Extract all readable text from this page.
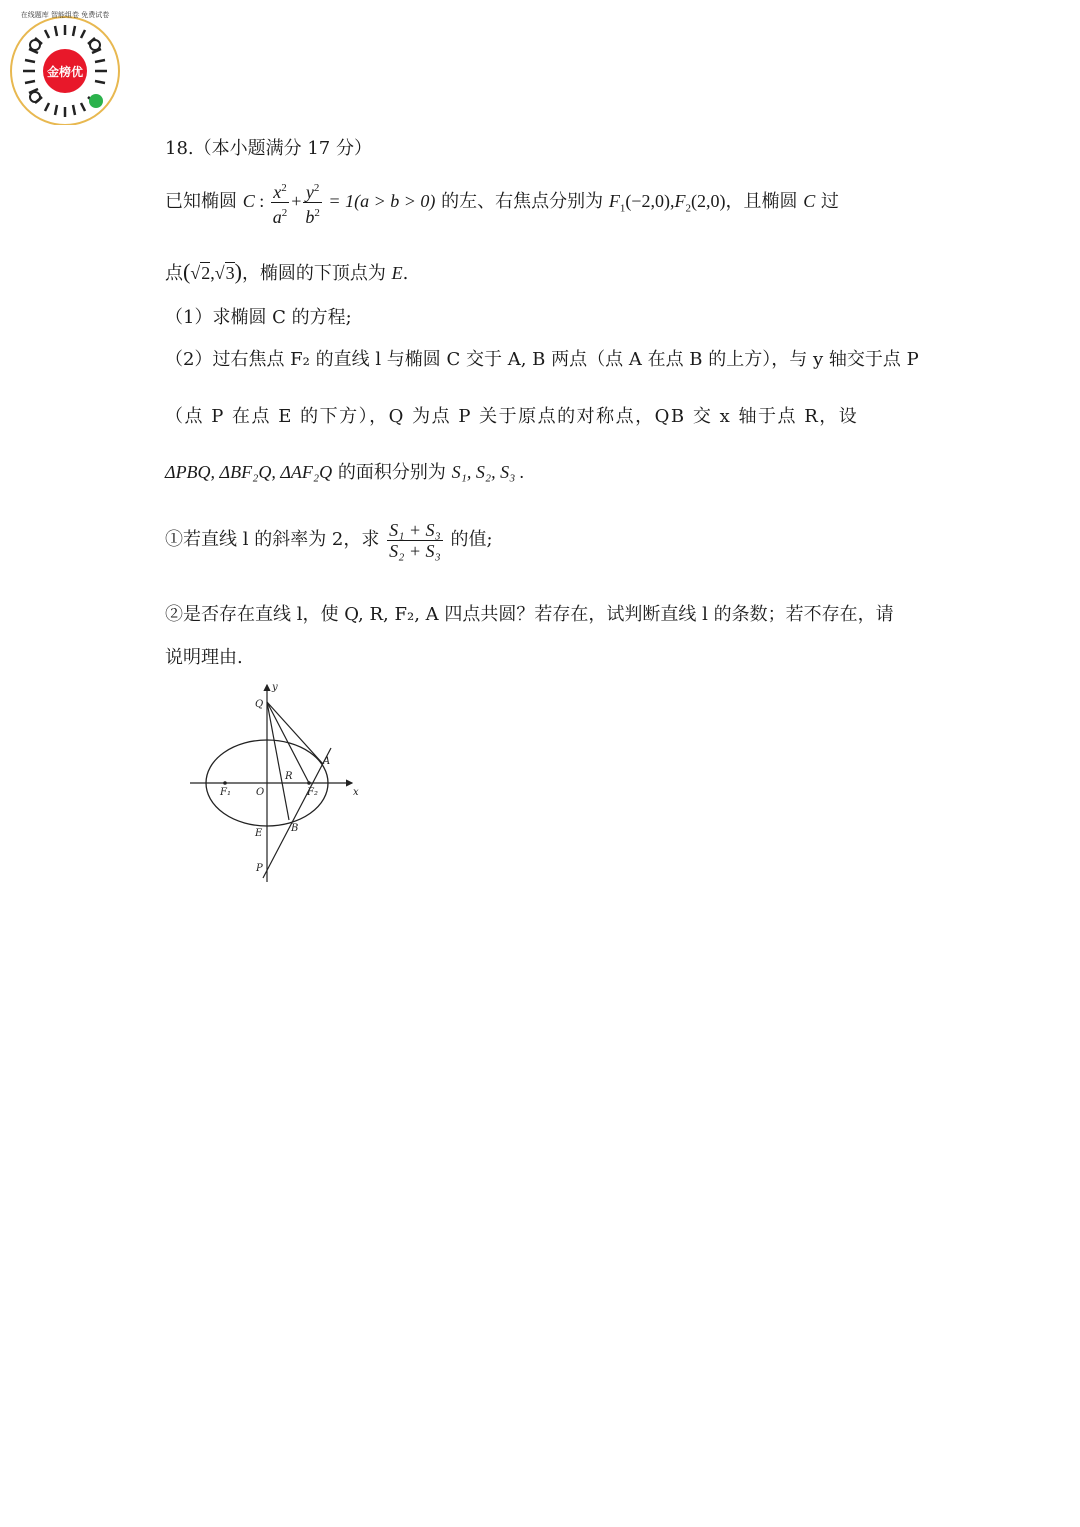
金榜优
在线题库 智能组卷 免费试卷
18.（本小题满分 17 分）
已知椭圆 C : $\frac{x^2}{a^2} + \frac{y^2}{b^2} = 1(a > b > 0)$ 的左、右焦点分别为 $F_1(-2,0),F_2(2,0)$，且椭圆 C 过
点(√2,√3)，椭圆的下顶点为 E.
（1）求椭圆 C 的方程;
（2）过右焦点 F₂ 的直线 l 与椭圆 C 交于 A, B 两点（点 A 在点 B 的上方），与 y 轴交于点 P
（点 P 在点 E 的下方），Q 为点 P 关于原点的对称点，QB 交 x 轴于点 R，设
ΔPBQ, ΔBF₂Q, ΔAF₂Q 的面积分别为 S₁, S₂, S₃ .
①若直线 l 的斜率为 2，求 $\frac{\text{S₁ + S₃}}{\text{S₂ + S₃}}$ 的值;
②是否存在直线 l，使 Q, R, F₂, A 四点共圆？若存在，试判断直线 l 的条数；若不存在，请
说明理由.
y
x
Q
A
R
F₁	O	F₂
E	B
P
